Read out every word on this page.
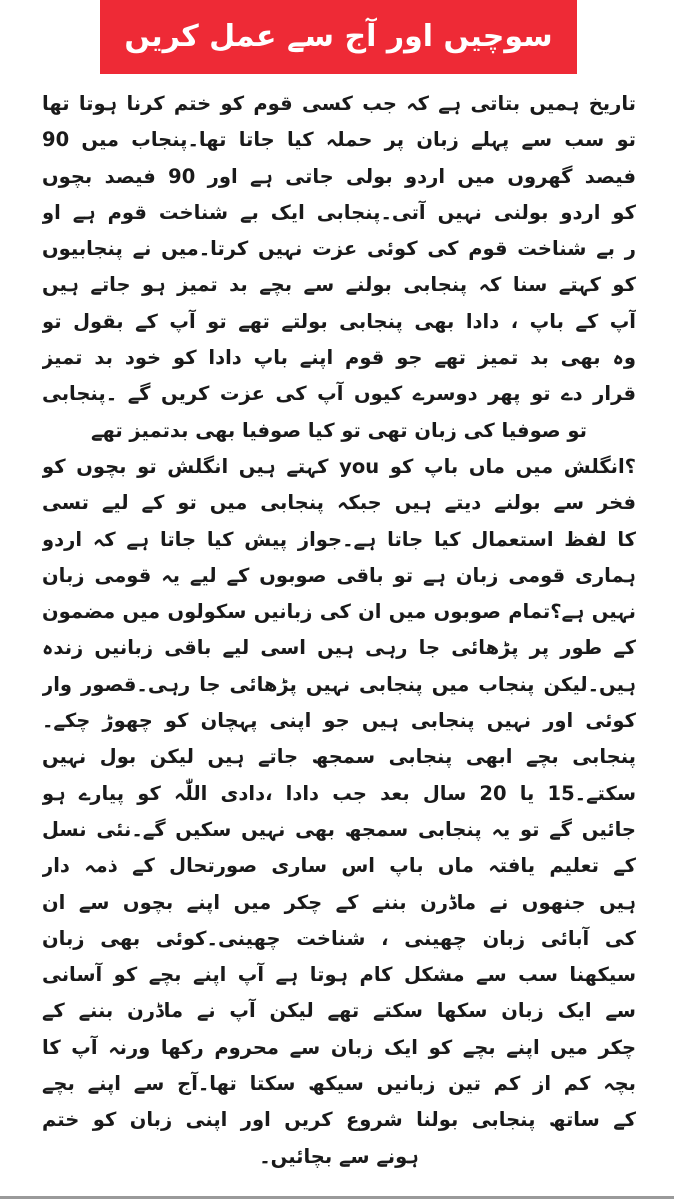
سوچیں اور آج سے عمل کریں
تاریخ ہمیں بتاتی ہے کہ جب کسی قوم کو ختم کرنا ہوتا تھا
تو سب سے پہلے زبان پر حملہ کیا جاتا تھا۔پنجاب میں 90
فیصد گھروں میں اردو بولی جاتی ہے اور 90 فیصد بچوں
کو اردو بولنی نہیں آتی۔پنجابی ایک بے شناخت قوم ہے او
ر بے شناخت قوم کی کوئی عزت نہیں کرتا۔میں نے پنجابیوں
کو کہتے سنا کہ پنجابی بولنے سے بچے بد تمیز ہو جاتے ہیں
آپ کے باپ ، دادا بھی پنجابی بولتے تھے تو آپ کے بقول تو
وہ بھی بد تمیز تھے جو قوم اپنے باپ دادا کو خود بد تمیز
قرار دے تو پھر دوسرے کیوں آپ کی عزت کریں گے ۔پنجابی
تو صوفیا کی زبان تھی تو کیا صوفیا بھی بدتمیز تھے
؟انگلش میں ماں باپ کو you کہتے ہیں انگلش تو بچوں کو
فخر سے بولنے دیتے ہیں جبکہ پنجابی میں تو کے لیے تسی
کا لفظ استعمال کیا جاتا ہے۔جواز پیش کیا جاتا ہے کہ اردو
ہماری قومی زبان ہے تو باقی صوبوں کے لیے یہ قومی زبان
نہیں ہے؟تمام صوبوں میں ان کی زبانیں سکولوں میں مضمون
کے طور پر پڑھائی جا رہی ہیں اسی لیے باقی زبانیں زندہ
ہیں۔لیکن پنجاب میں پنجابی نہیں پڑھائی جا رہی۔قصور وار
کوئی اور نہیں پنجابی ہیں جو اپنی پہچان کو چھوڑ چکے۔
پنجابی بچے ابھی پنجابی سمجھ جاتے ہیں لیکن بول نہیں
سکتے۔15 یا 20 سال بعد جب دادا ،دادی اللّٰہ کو پیارے ہو
جائیں گے تو یہ پنجابی سمجھ بھی نہیں سکیں گے۔نئی نسل
کے تعلیم یافتہ ماں باپ اس ساری صورتحال کے ذمہ دار
ہیں جنھوں نے ماڈرن بننے کے چکر میں اپنے بچوں سے ان
کی آبائی زبان چھینی ، شناخت چھینی۔کوئی بھی زبان
سیکھنا سب سے مشکل کام ہوتا ہے آپ اپنے بچے کو آسانی
سے ایک زبان سکھا سکتے تھے لیکن آپ نے ماڈرن بننے کے
چکر میں اپنے بچے کو ایک زبان سے محروم رکھا ورنہ آپ کا
بچہ کم از کم تین زبانیں سیکھ سکتا تھا۔آج سے اپنے بچے
کے ساتھ پنجابی بولنا شروع کریں اور اپنی زبان کو ختم
ہونے سے بچائیں۔
